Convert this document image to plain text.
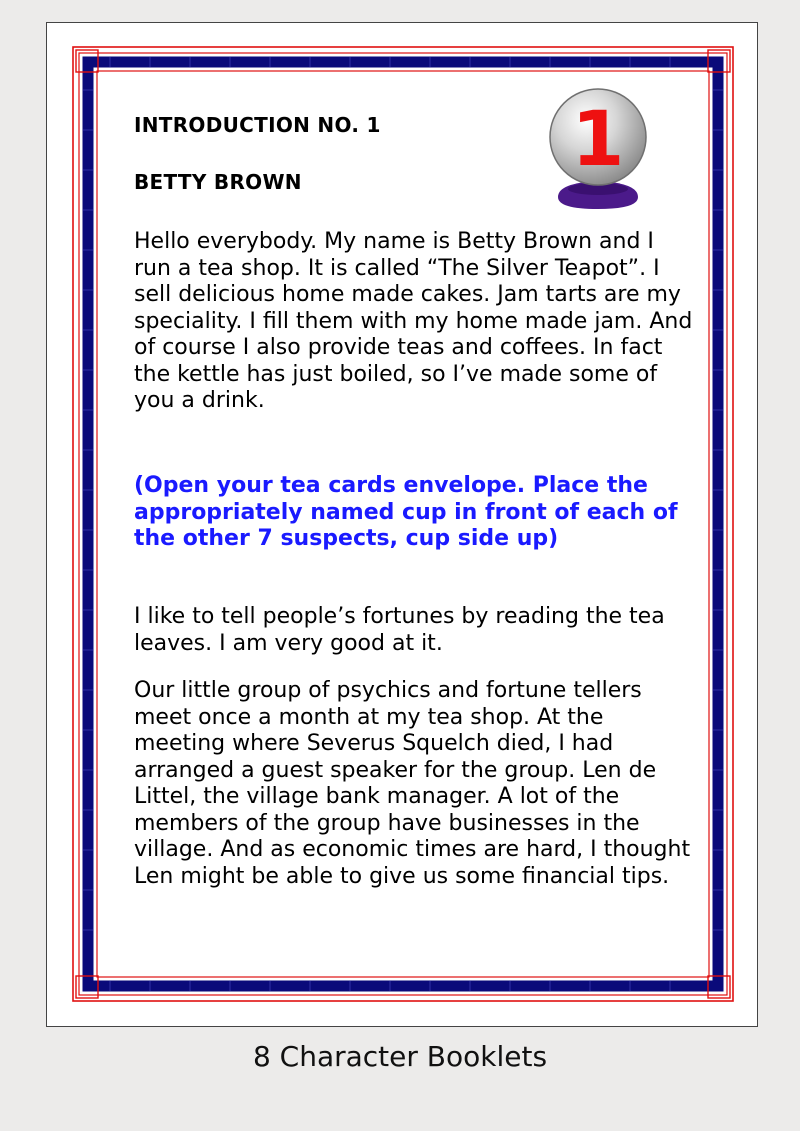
1

INTRODUCTION NO. 1

BETTY BROWN

Hello everybody. My name is Betty Brown and I run a tea shop. It is called “The Silver Teapot”. I sell delicious home made cakes. Jam tarts are my speciality. I fill them with my home made jam. And of course I also provide teas and coffees. In fact the kettle has just boiled, so I’ve made some of you a drink.

(Open your tea cards envelope. Place the appropriately named cup in front of each of the other 7 suspects, cup side up)

I like to tell people’s fortunes by reading the tea leaves. I am very good at it.

Our little group of psychics and fortune tellers meet once a month at my tea shop. At the meeting where Severus Squelch died, I had arranged a guest speaker for the group. Len de Littel, the village bank manager. A lot of the members of the group have businesses in the village. And as economic times are hard, I thought Len might be able to give us some financial tips.

8 Character Booklets
